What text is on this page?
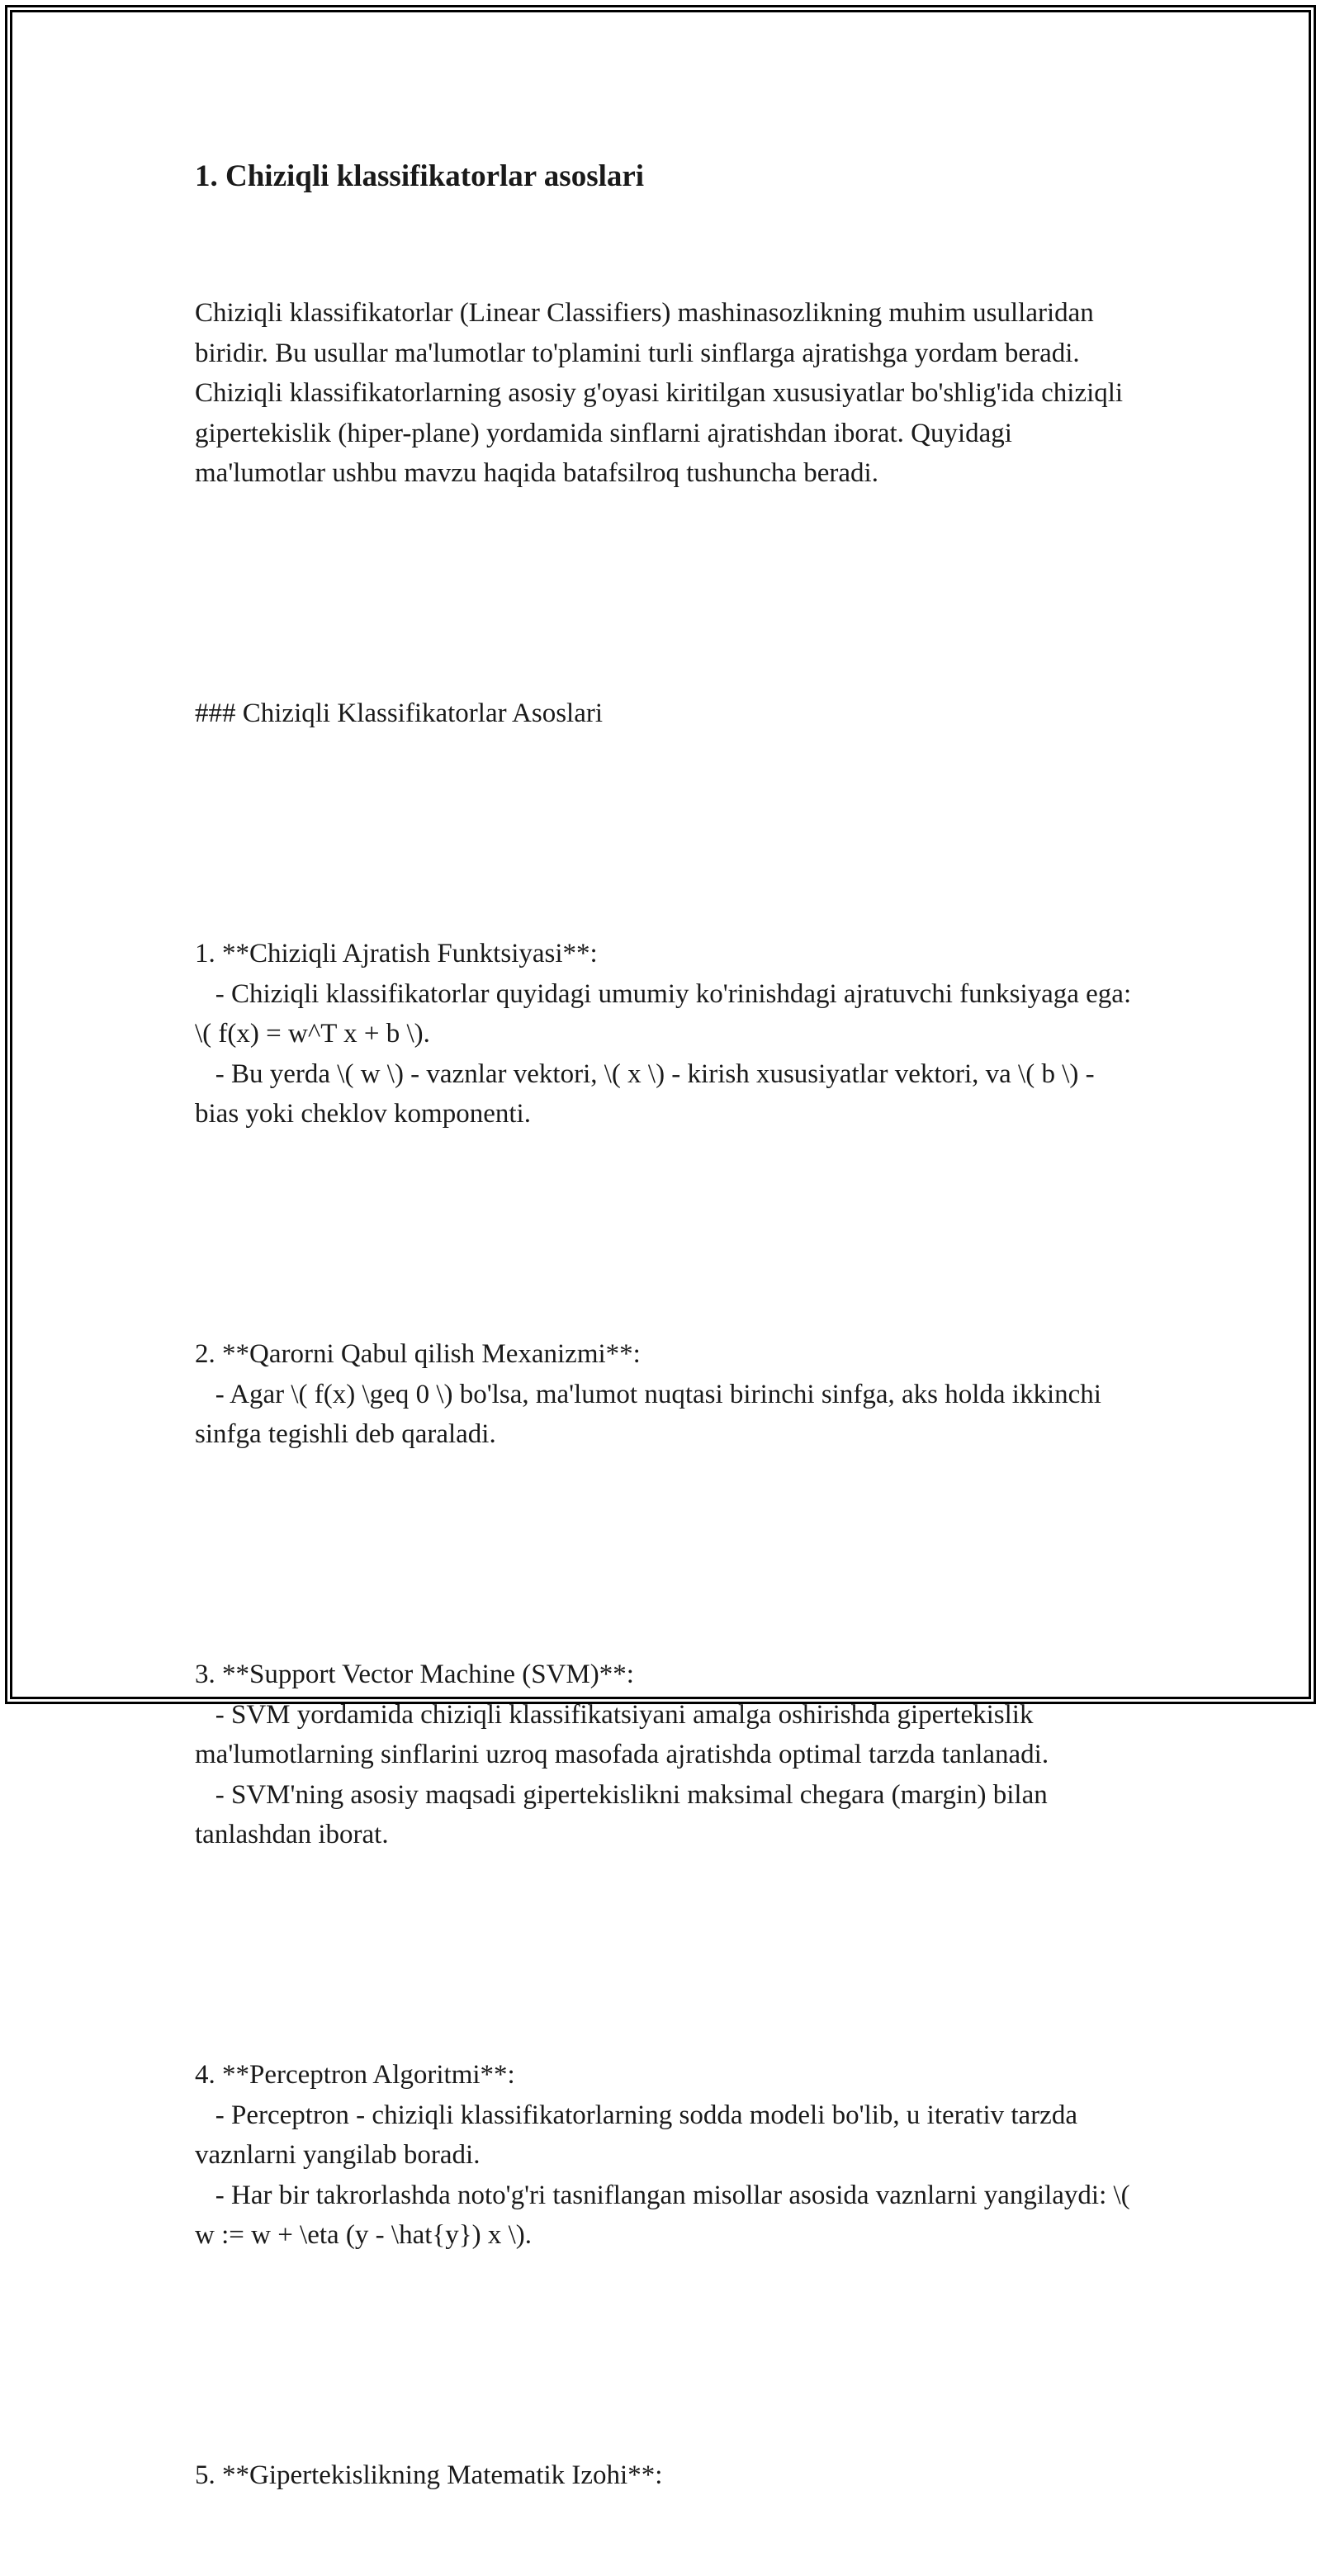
1. Chiziqli klassifikatorlar asoslari

Chiziqli klassifikatorlar (Linear Classifiers) mashinasozlikning muhim usullaridan biridir. Bu usullar ma'lumotlar to'plamini turli sinflarga ajratishga yordam beradi. Chiziqli klassifikatorlarning asosiy g'oyasi kiritilgan xususiyatlar bo'shlig'ida chiziqli gipertekislik (hiper-plane) yordamida sinflarni ajratishdan iborat. Quyidagi ma'lumotlar ushbu mavzu haqida batafsilroq tushuncha beradi.

### Chiziqli Klassifikatorlar Asoslari

1. **Chiziqli Ajratish Funktsiyasi**:
- Chiziqli klassifikatorlar quyidagi umumiy ko'rinishdagi ajratuvchi funksiyaga ega: \( f(x) = w^T x + b \).
- Bu yerda \( w \) - vaznlar vektori, \( x \) - kirish xususiyatlar vektori, va \( b \) - bias yoki cheklov komponenti.

2. **Qarorni Qabul qilish Mexanizmi**:
- Agar \( f(x) \geq 0 \) bo'lsa, ma'lumot nuqtasi birinchi sinfga, aks holda ikkinchi sinfga tegishli deb qaraladi.

3. **Support Vector Machine (SVM)**:
- SVM yordamida chiziqli klassifikatsiyani amalga oshirishda gipertekislik ma'lumotlarning sinflarini uzroq masofada ajratishda optimal tarzda tanlanadi.
- SVM'ning asosiy maqsadi gipertekislikni maksimal chegara (margin) bilan tanlashdan iborat.

4. **Perceptron Algoritmi**:
- Perceptron - chiziqli klassifikatorlarning sodda modeli bo'lib, u iterativ tarzda vaznlarni yangilab boradi.
- Har bir takrorlashda noto'g'ri tasniflangan misollar asosida vaznlarni yangilaydi: \( w := w + \eta (y - \hat{y}) x \).

5. **Gipertekislikning Matematik Izohi**:
